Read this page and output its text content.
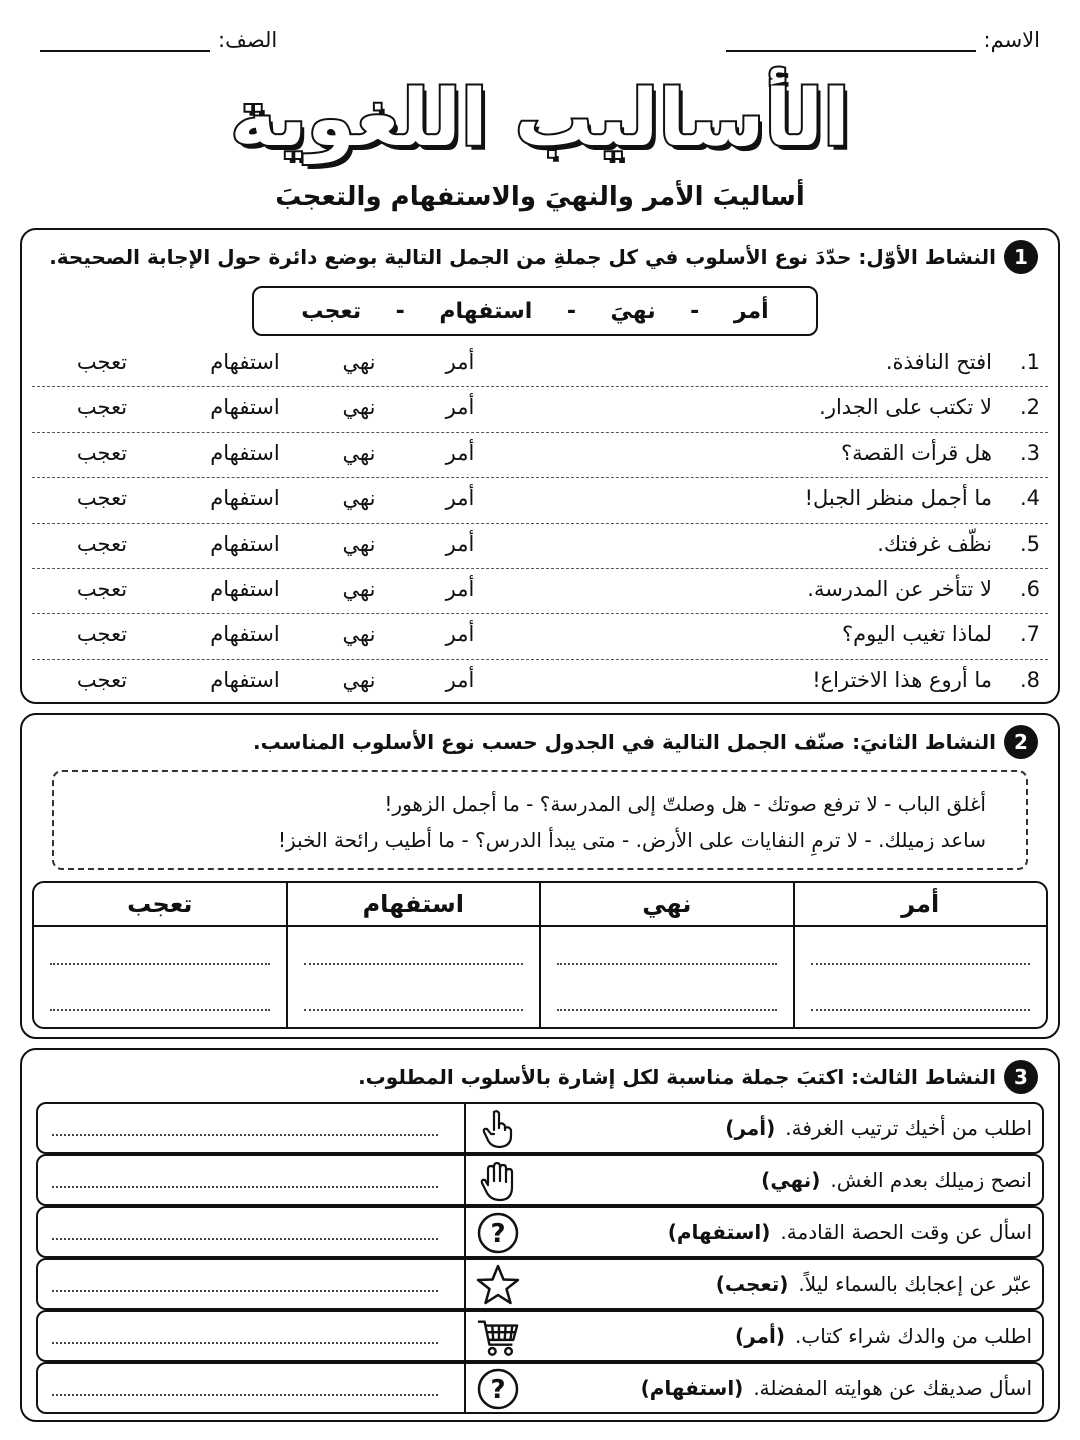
الاسم:
الصف:
الأساليب اللغوية
أساليبَ الأمر والنهيَ والاستفهام والتعجبَ
1
النشاط الأوّل: حدّدَ نوع الأسلوب في كل جملةِ من الجمل التالية بوضع دائرة حول الإجابة الصحيحة.
أمر
-
نهيَ
-
استفهام
-
تعجب
1.
افتح النافذة.
أمر
نهي
استفهام
تعجب
2.
لا تكتب على الجدار.
أمر
نهي
استفهام
تعجب
3.
هل قرأت القصة؟
أمر
نهي
استفهام
تعجب
4.
ما أجمل منظر الجبل!
أمر
نهي
استفهام
تعجب
5.
نظّف غرفتك.
أمر
نهي
استفهام
تعجب
6.
لا تتأخر عن المدرسة.
أمر
نهي
استفهام
تعجب
7.
لماذا تغيب اليوم؟
أمر
نهي
استفهام
تعجب
8.
ما أروع هذا الاختراع!
أمر
نهي
استفهام
تعجب
2
النشاط الثانيَ: صنّف الجمل التالية في الجدول حسب نوع الأسلوب المناسب.
أغلق الباب - لا ترفع صوتك - هل وصلتّ إلى المدرسة؟ - ما أجمل الزهور!
ساعد زميلك. - لا ترمِ النفايات على الأرض. - متى يبدأ الدرس؟ - ما أطيب رائحة الخبز!
أمر
نهي
استفهام
تعجب
3
النشاط الثالث: اكتبَ جملة مناسبة لكل إشارة بالأسلوب المطلوب.
اطلب من أخيك ترتيب الغرفة.(أمر)
انصح زميلك بعدم الغش.(نهي)
اسأل عن وقت الحصة القادمة.(استفهام)
?
عبّر عن إعجابك بالسماء ليلاً.(تعجب)
اطلب من والدك شراء كتاب.(أمر)
اسأل صديقك عن هوايته المفضلة.(استفهام)
?
